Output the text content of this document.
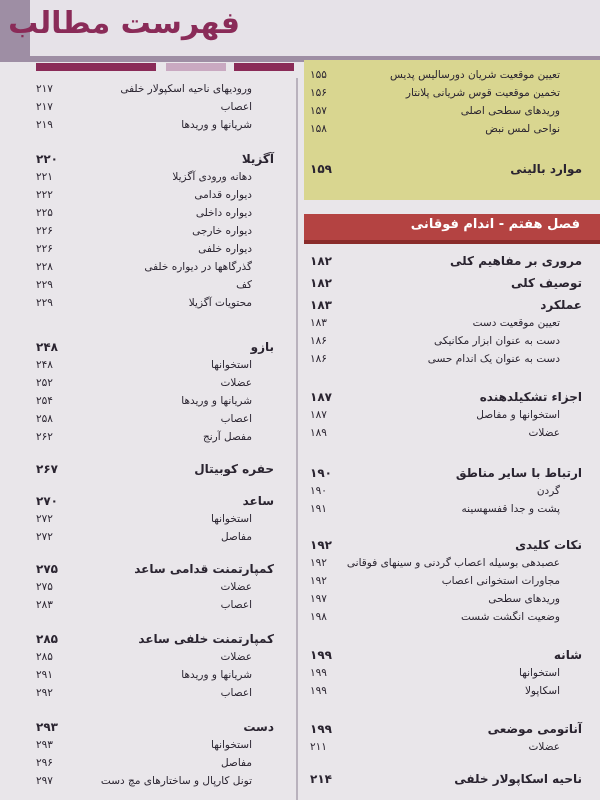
فهرست مطالب
وروديهای ناحيه اسكپولار خلفی
۲۱۷
اعصاب
۲۱۷
شريانها و وريدها
۲۱۹
آگزيلا
۲۲۰
دهانه ورودی آگزيلا
۲۲۱
ديواره قدامی
۲۲۲
ديواره داخلی
۲۲۵
ديواره خارجی
۲۲۶
ديواره خلفی
۲۲۶
گذرگاهها در ديواره خلفی
۲۲۸
كف
۲۲۹
محتويات آگزيلا
۲۲۹
بازو
۲۴۸
استخوانها
۲۴۸
عضلات
۲۵۲
شريانها و وريدها
۲۵۴
اعصاب
۲۵۸
مفصل آرنج
۲۶۲
حفره كوبيتال
۲۶۷
ساعد
۲۷۰
استخوانها
۲۷۲
مفاصل
۲۷۲
كمپارتمنت قدامی ساعد
۲۷۵
عضلات
۲۷۵
اعصاب
۲۸۳
كمپارتمنت خلفی ساعد
۲۸۵
عضلات
۲۸۵
شريانها و وريدها
۲۹۱
اعصاب
۲۹۲
دست
۲۹۳
استخوانها
۲۹۳
مفاصل
۲۹۶
تونل كارپال و ساختارهای مچ دست
۲۹۷
تعيين موقعيت شريان دورساليس پديس
۱۵۵
تخمين موقعيت قوس شريانی پلانتار
۱۵۶
وريدهای سطحی اصلی
۱۵۷
نواحی لمس نبض
۱۵۸
موارد بالينی
۱۵۹
فصل هفتم - اندام فوقانی
مروری بر مفاهيم كلی
۱۸۲
توصيف كلی
۱۸۲
عملكرد
۱۸۳
تعيين موقعيت دست
۱۸۳
دست به عنوان ابزار مكانيكی
۱۸۶
دست به عنوان يک اندام حسی
۱۸۶
اجزاء تشكيلدهنده
۱۸۷
استخوانها و مفاصل
۱۸۷
عضلات
۱۸۹
ارتباط با ساير مناطق
۱۹۰
گردن
۱۹۰
پشت و جدا قفسهسينه
۱۹۱
نكات كليدی
۱۹۲
عصبدهی بوسيله اعصاب گردنی و سينهای فوقانی
۱۹۲
مجاورات استخوانی اعصاب
۱۹۲
وريدهای سطحی
۱۹۷
وضعيت انگشت شست
۱۹۸
شانه
۱۹۹
استخوانها
۱۹۹
اسكاپولا
۱۹۹
آناتومی موضعی
۱۹۹
عضلات
۲۱۱
ناحيه اسكاپولار خلفی
۲۱۴
